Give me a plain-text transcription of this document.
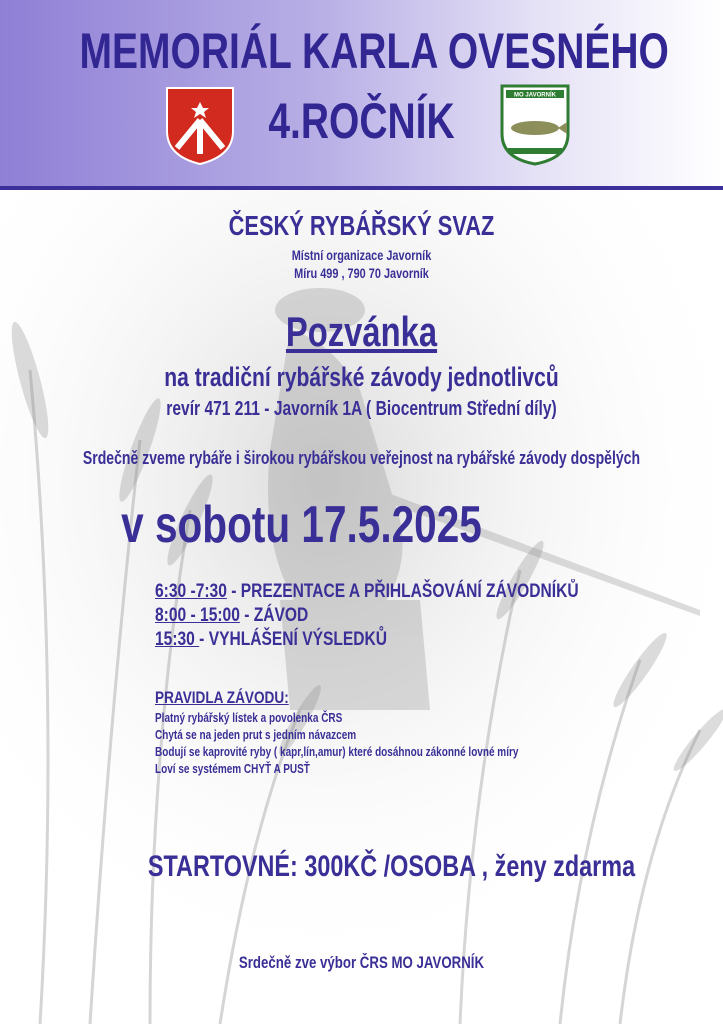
MEMORIÁL KARLA OVESNÉHO
4.ROČNÍK	MO JAVORNÍK
ČESKÝ RYBÁŘSKÝ SVAZ
Místní organizace Javorník
Míru 499 , 790 70 Javorník
Pozvánka
na tradiční rybářské závody jednotlivců
revír 471 211 - Javorník 1A ( Biocentrum Střední díly)
Srdečně zveme rybáře i širokou rybářskou veřejnost na rybářské závody dospělých
v sobotu 17.5.2025
6:30 -7:30 - PREZENTACE A PŘIHLAŠOVÁNÍ ZÁVODNÍKŮ
8:00 - 15:00 - ZÁVOD
15:30 - VYHLÁŠENÍ VÝSLEDKŮ
PRAVIDLA ZÁVODU:
Platný rybářský lístek a povolenka ČRS
Chytá se na jeden prut s jedním návazcem
Bodují se kaprovité ryby ( kapr,lín,amur) které dosáhnou zákonné lovné míry
Loví se systémem CHYŤ A PUSŤ
STARTOVNÉ: 300KČ /OSOBA , ženy zdarma
Srdečně zve výbor ČRS MO JAVORNÍK
